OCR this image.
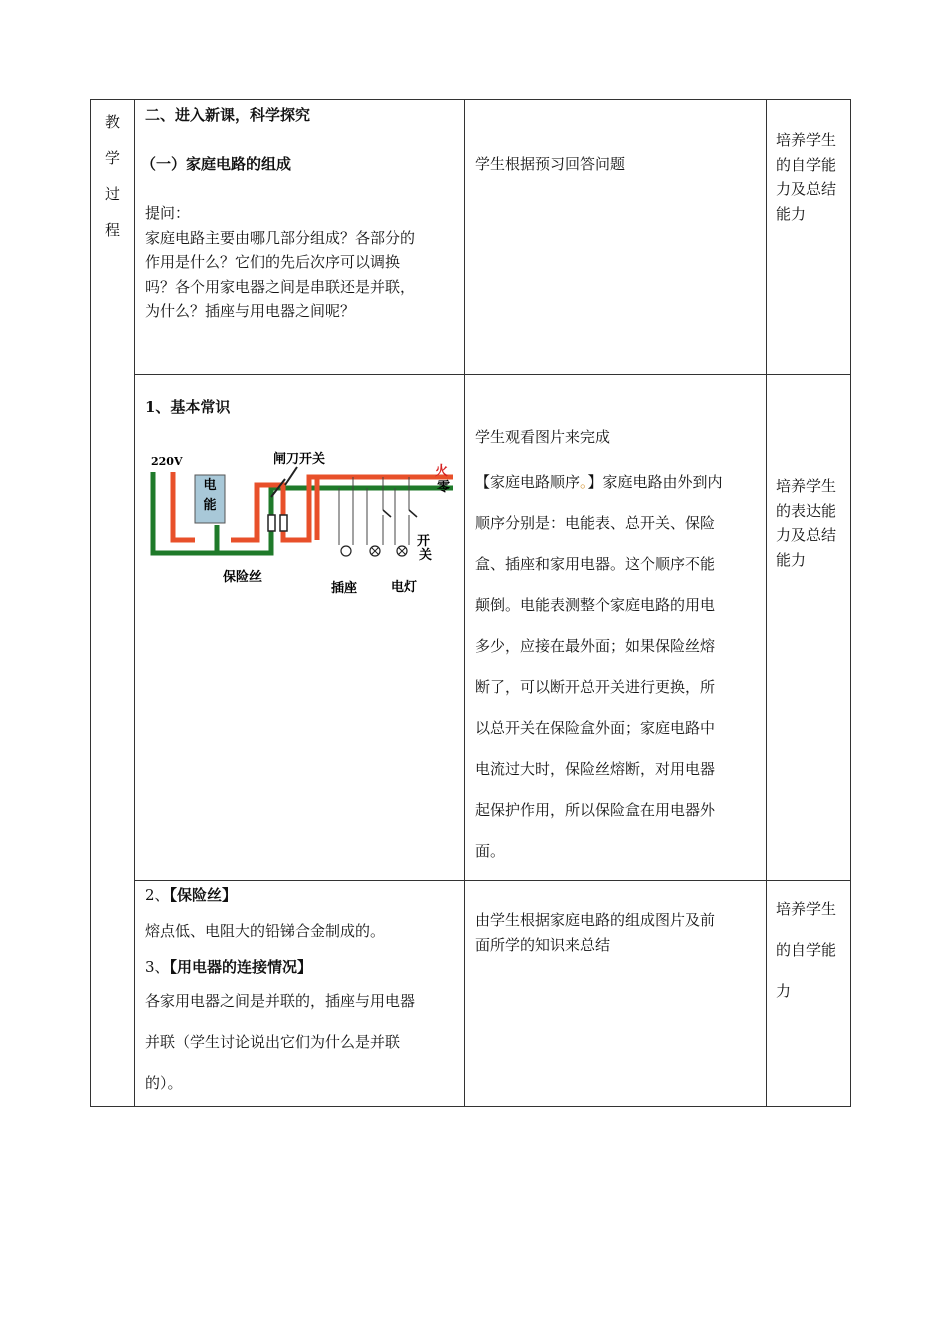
教
学
过
程
二、进入新课，科学探究
（一）家庭电路的组成
提问：
家庭电路主要由哪几部分组成？各部分的
作用是什么？它们的先后次序可以调换
吗？各个用家电器之间是串联还是并联，
为什么？插座与用电器之间呢？
学生根据预习回答问题
培养学生
的自学能
力及总结
能力
1、基本常识
电
能
220V	闸刀开关
火
零
保险丝
插座	电灯
开
关
学生观看图片来完成
【家庭电路顺序。】家庭电路由外到内
顺序分别是：电能表、总开关、保险
盒、插座和家用电器。这个顺序不能
颠倒。电能表测整个家庭电路的用电
多少，应接在最外面；如果保险丝熔
断了，可以断开总开关进行更换，所
以总开关在保险盒外面；家庭电路中
电流过大时，保险丝熔断，对用电器
起保护作用，所以保险盒在用电器外
面。
培养学生
的表达能
力及总结
能力
2、【保险丝】
熔点低、电阻大的铅锑合金制成的。
3、【用电器的连接情况】
各家用电器之间是并联的，插座与用电器
并联（学生讨论说出它们为什么是并联
的）。
由学生根据家庭电路的组成图片及前
面所学的知识来总结
培养学生
的自学能
力
